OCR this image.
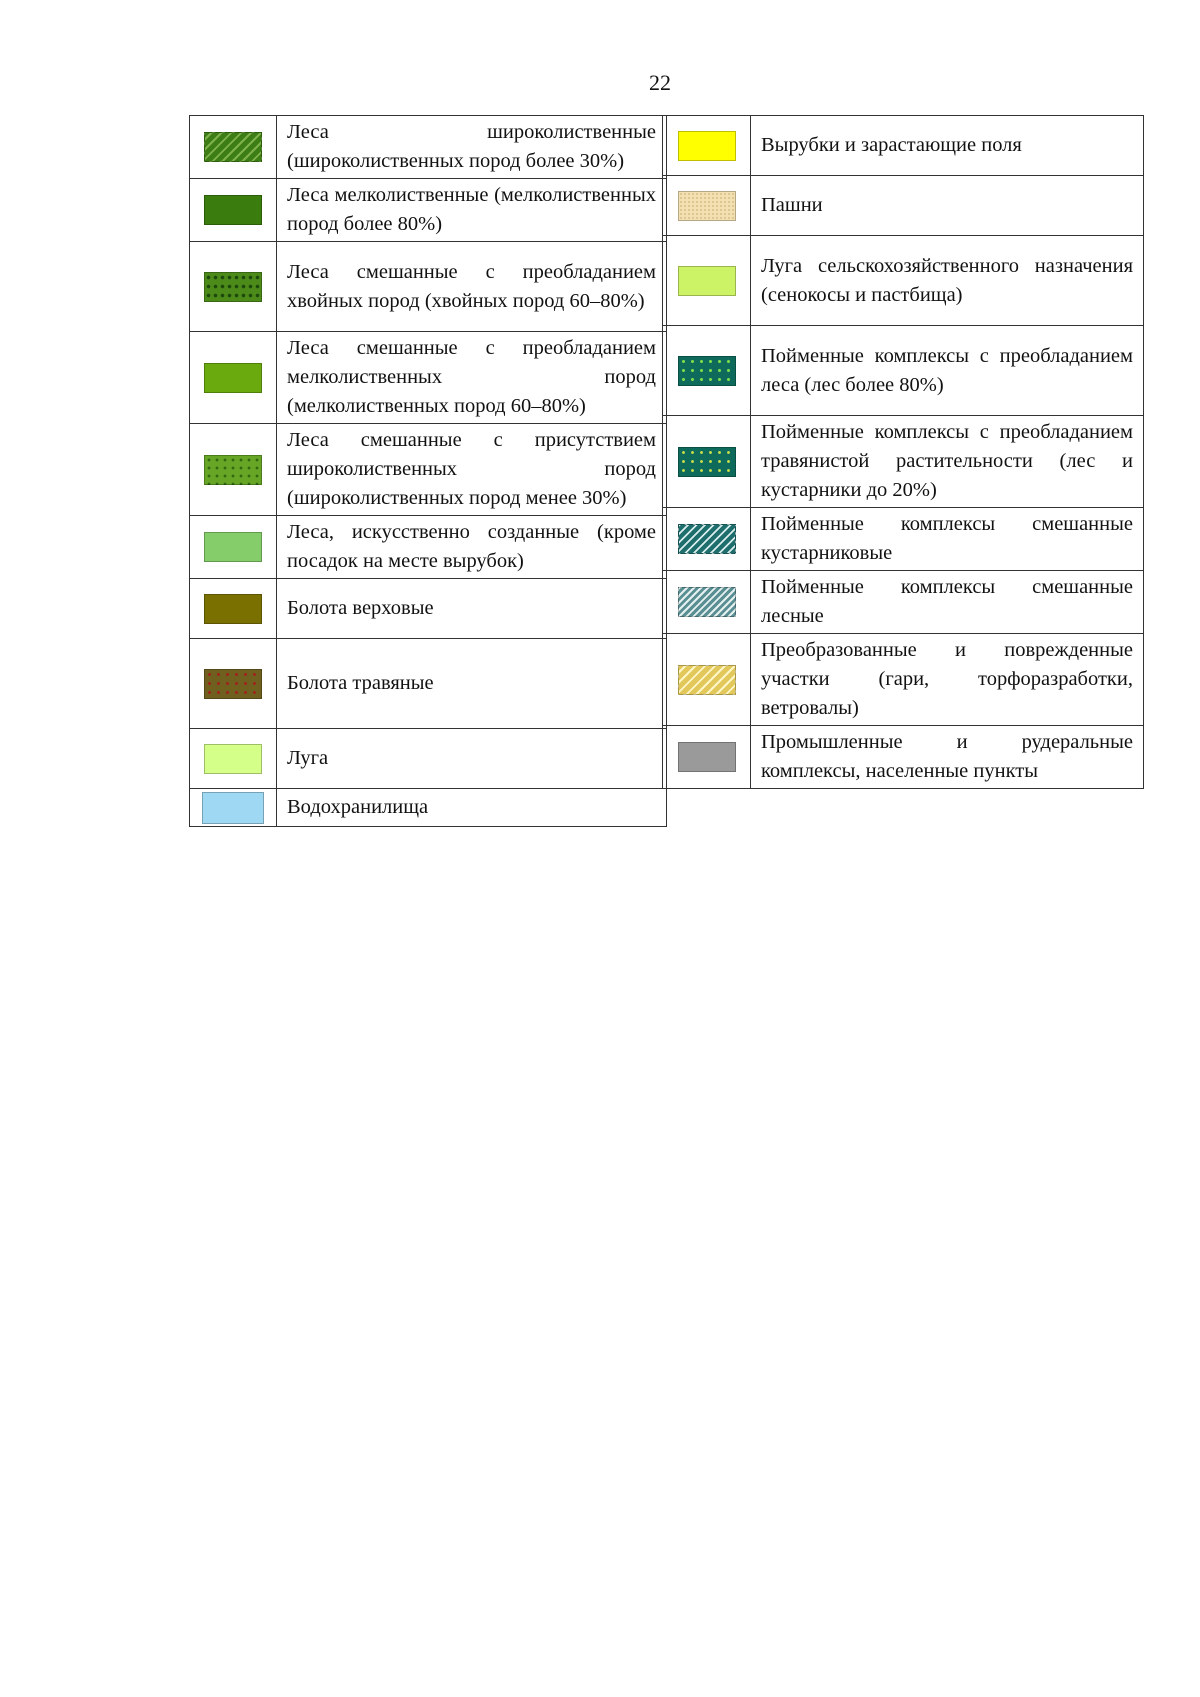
22
	Леса широколиственные (широколиственных пород более 30%)
	Леса мелколиственные (мелколиственных пород более 80%)
	Леса смешанные с преобладанием хвойных пород (хвойных пород 60–80%)
	Леса смешанные с преобладанием мелколиственных пород (мелколиственных пород 60–80%)
	Леса смешанные с присутствием широколиственных пород (широколиственных пород менее 30%)
	Леса, искусственно созданные (кроме посадок на месте вырубок)
	Болота верховые
	Болота травяные
	Луга
	Водохранилища
	Вырубки и зарастающие поля
	Пашни
	Луга сельскохозяйственного назначения (сенокосы и пастбища)
	Пойменные комплексы с преобладанием леса (лес более 80%)
	Пойменные комплексы с преобладанием травянистой растительности (лес и кустарники до 20%)
	Пойменные комплексы смешанные кустарниковые
	Пойменные комплексы смешанные лесные
	Преобразованные и поврежденные участки (гари, торфоразработки, ветровалы)
	Промышленные и рудеральные комплексы, населенные пункты
